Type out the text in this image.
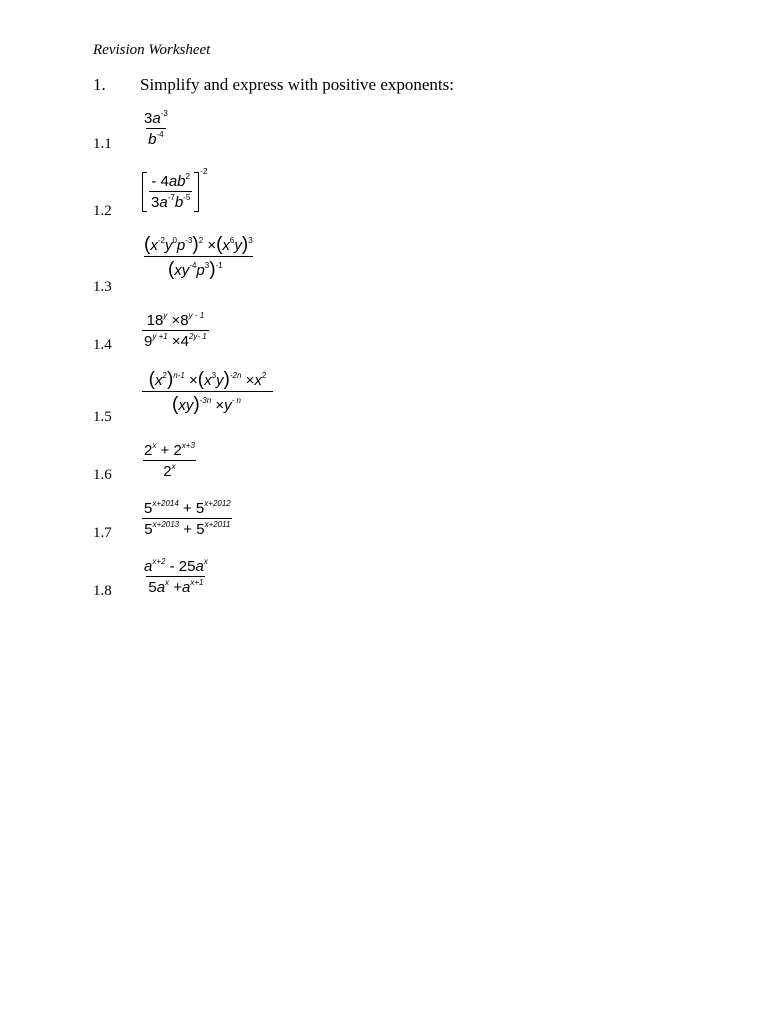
Revision Worksheet
1. Simplify and express with positive exponents:
$1.1 \frac{3a^{-3}}{b^{-4}}$
1.2
$\frac{- 4ab^2}{3a^{-7}b^{-5}}$
-2
1.3
$\frac{(x^{-2}y^0p^{-3})^2 \times(x^6y)^3}{(xy^{-4}p^3)^{-1}}$
$1.4 \frac{18^y \times 8^{y - 1}}{9^{y +1} \times 4^{2y- 1}}$
1.5
$\frac{(x^2)^{n-1} \times(x^3y)^{-2n} \times x^2}{(xy)^{-3n} \times y^{- n}}$
$1.6 \frac{2^x + 2^{x+3}}{2^x}$
$1.7 \frac{5^{x+2014} + 5^{x+2012}}{5^{x+2013} + 5^{x+2011}}$
$1.8 \frac{a^{x+2} - 25a^x}{5a^x +a^{x+1}}$
